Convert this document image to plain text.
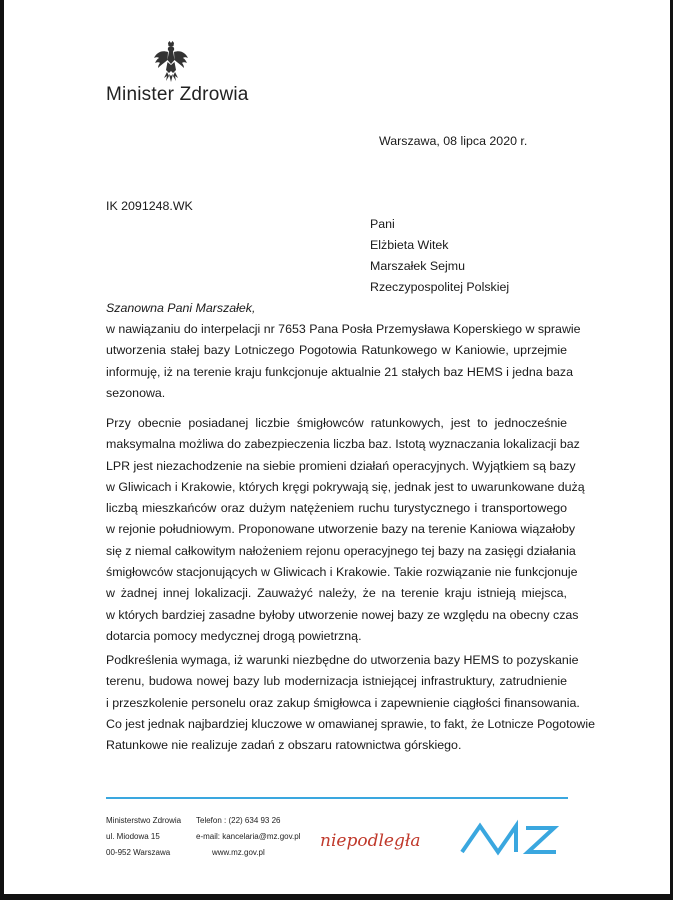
Minister Zdrowia
Warszawa, 08 lipca 2020 r.
IK 2091248.WK
Pani
Elżbieta Witek
Marszałek Sejmu
Rzeczypospolitej Polskiej
Szanowna Pani Marszałek,
w nawiązaniu do interpelacji nr 7653 Pana Posła Przemysława Koperskiego w sprawie
utworzenia stałej bazy Lotniczego Pogotowia Ratunkowego w Kaniowie, uprzejmie
informuję, iż na terenie kraju funkcjonuje aktualnie 21 stałych baz HEMS i jedna baza
sezonowa.
Przy obecnie posiadanej liczbie śmigłowców ratunkowych, jest to jednocześnie
maksymalna możliwa do zabezpieczenia liczba baz. Istotą wyznaczania lokalizacji baz
LPR jest niezachodzenie na siebie promieni działań operacyjnych. Wyjątkiem są bazy
w Gliwicach i Krakowie, których kręgi pokrywają się, jednak jest to uwarunkowane dużą
liczbą mieszkańców oraz dużym natężeniem ruchu turystycznego i transportowego
w rejonie południowym. Proponowane utworzenie bazy na terenie Kaniowa wiązałoby
się z niemal całkowitym nałożeniem rejonu operacyjnego tej bazy na zasięgi działania
śmigłowców stacjonujących w Gliwicach i Krakowie. Takie rozwiązanie nie funkcjonuje
w żadnej innej lokalizacji. Zauważyć należy, że na terenie kraju istnieją miejsca,
w których bardziej zasadne byłoby utworzenie nowej bazy ze względu na obecny czas
dotarcia pomocy medycznej drogą powietrzną.
Podkreślenia wymaga, iż warunki niezbędne do utworzenia bazy HEMS to pozyskanie
terenu, budowa nowej bazy lub modernizacja istniejącej infrastruktury, zatrudnienie
i przeszkolenie personelu oraz zakup śmigłowca i zapewnienie ciągłości finansowania.
Co jest jednak najbardziej kluczowe w omawianej sprawie, to fakt, że Lotnicze Pogotowie
Ratunkowe nie realizuje zadań z obszaru ratownictwa górskiego.
Ministerstwo Zdrowia
ul. Miodowa 15
00-952 Warszawa
Telefon : (22) 634 93 26
e-mail: kancelaria@mz.gov.pl
www.mz.gov.pl
niepodległa
